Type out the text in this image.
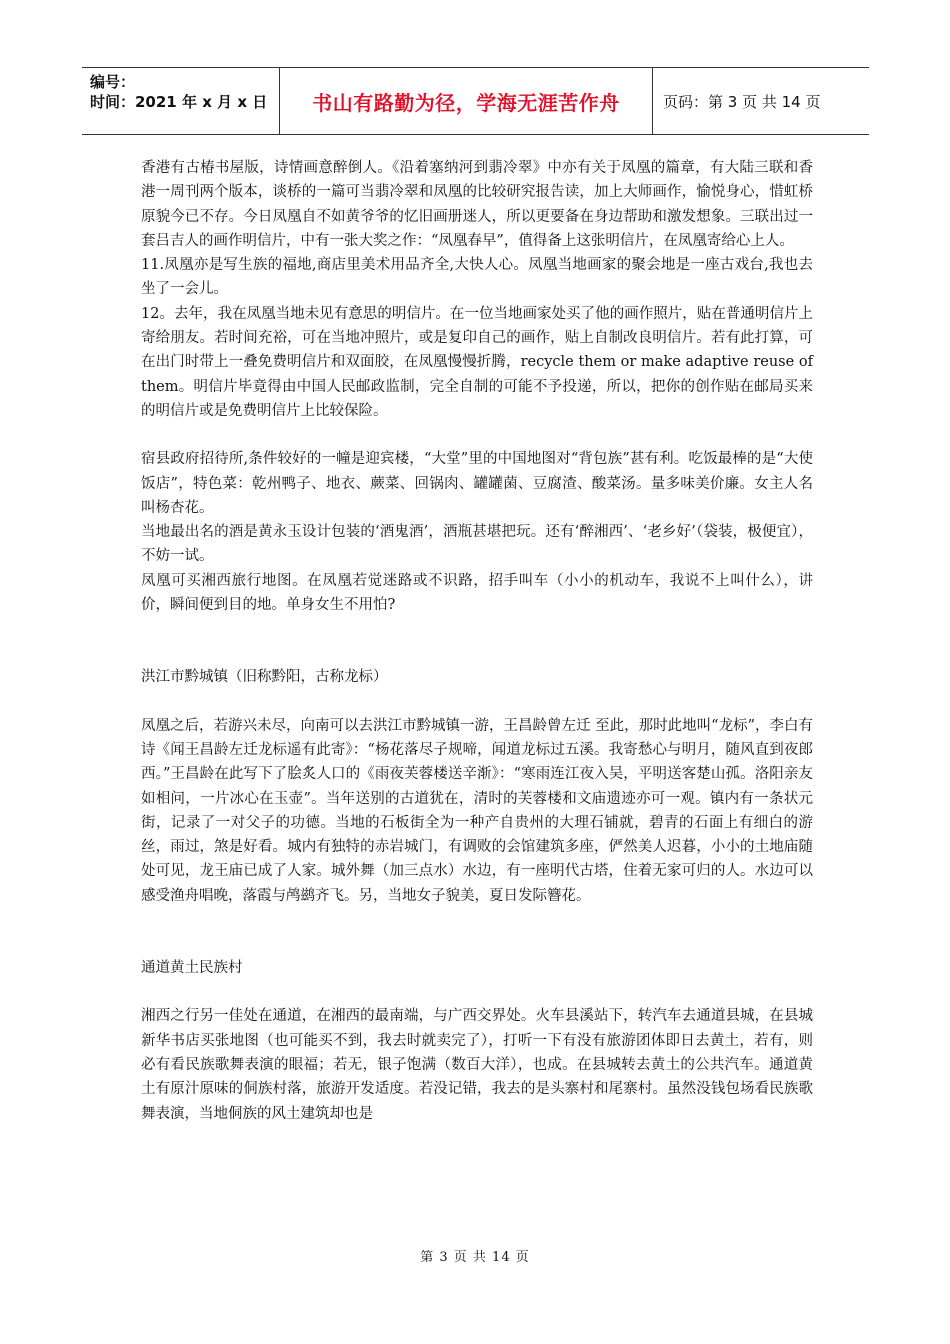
编号：
时间：2021 年 x 月 x 日	书山有路勤为径，学海无涯苦作舟	页码：第 3 页 共 14 页

香港有古椿书屋版，诗情画意醉倒人。《沿着塞纳河到翡冷翠》中亦有关于凤凰的篇章，有大陆三联和香港一周刊两个版本，谈桥的一篇可当翡冷翠和凤凰的比较研究报告读，加上大师画作，愉悦身心，惜虹桥原貌今已不存。今日凤凰自不如黄爷爷的忆旧画册迷人，所以更要备在身边帮助和激发想象。三联出过一套吕吉人的画作明信片，中有一张大奖之作：“凤凰春早”，值得备上这张明信片，在凤凰寄给心上人。

11.凤凰亦是写生族的福地,商店里美术用品齐全,大快人心。凤凰当地画家的聚会地是一座古戏台,我也去坐了一会儿。

12。去年，我在凤凰当地未见有意思的明信片。在一位当地画家处买了他的画作照片，贴在普通明信片上寄给朋友。若时间充裕，可在当地冲照片，或是复印自己的画作，贴上自制改良明信片。若有此打算，可在出门时带上一叠免费明信片和双面胶，在凤凰慢慢折腾，recycle them or make adaptive reuse of them。明信片毕竟得由中国人民邮政监制，完全自制的可能不予投递，所以，把你的创作贴在邮局买来的明信片或是免费明信片上比较保险。

宿县政府招待所,条件较好的一幢是迎宾楼，“大堂”里的中国地图对“背包族”甚有利。吃饭最棒的是“大使饭店”，特色菜：乾州鸭子、地衣、蕨菜、回锅肉、罐罐菌、豆腐渣、酸菜汤。量多味美价廉。女主人名叫杨杏花。

当地最出名的酒是黄永玉设计包装的‘酒鬼酒’，酒瓶甚堪把玩。还有‘醉湘西’、‘老乡好’（袋装，极便宜），不妨一试。

凤凰可买湘西旅行地图。在凤凰若觉迷路或不识路，招手叫车（小小的机动车，我说不上叫什么），讲价，瞬间便到目的地。单身女生不用怕?

洪江市黔城镇（旧称黔阳，古称龙标）

凤凰之后，若游兴未尽，向南可以去洪江市黔城镇一游，王昌龄曾左迁 至此，那时此地叫“龙标”，李白有诗《闻王昌龄左迁龙标遥有此寄》：“杨花落尽子规啼，闻道龙标过五溪。我寄愁心与明月，随风直到夜郎西。”王昌龄在此写下了脍炙人口的《雨夜芙蓉楼送辛渐》：“寒雨连江夜入吴，平明送客楚山孤。洛阳亲友如相问，一片冰心在玉壶”。当年送别的古道犹在，清时的芙蓉楼和文庙遗迹亦可一观。镇内有一条状元街，记录了一对父子的功德。当地的石板街全为一种产自贵州的大理石铺就，碧青的石面上有细白的游丝，雨过，煞是好看。城内有独特的赤岩城门，有调败的会馆建筑多座，俨然美人迟暮，小小的土地庙随处可见，龙王庙已成了人家。城外舞（加三点水）水边，有一座明代古塔，住着无家可归的人。水边可以感受渔舟唱晚，落霞与鸬鹚齐飞。另，当地女子貌美，夏日发际簪花。

通道黄土民族村

湘西之行另一佳处在通道，在湘西的最南端，与广西交界处。火车县溪站下，转汽车去通道县城，在县城新华书店买张地图（也可能买不到，我去时就卖完了），打听一下有没有旅游团体即日去黄土，若有，则必有看民族歌舞表演的眼福；若无，银子饱满（数百大洋），也成。在县城转去黄土的公共汽车。通道黄土有原汁原味的侗族村落，旅游开发适度。若没记错，我去的是头寨村和尾寨村。虽然没钱包场看民族歌舞表演，当地侗族的风土建筑却也是

第 3 页 共 14 页
